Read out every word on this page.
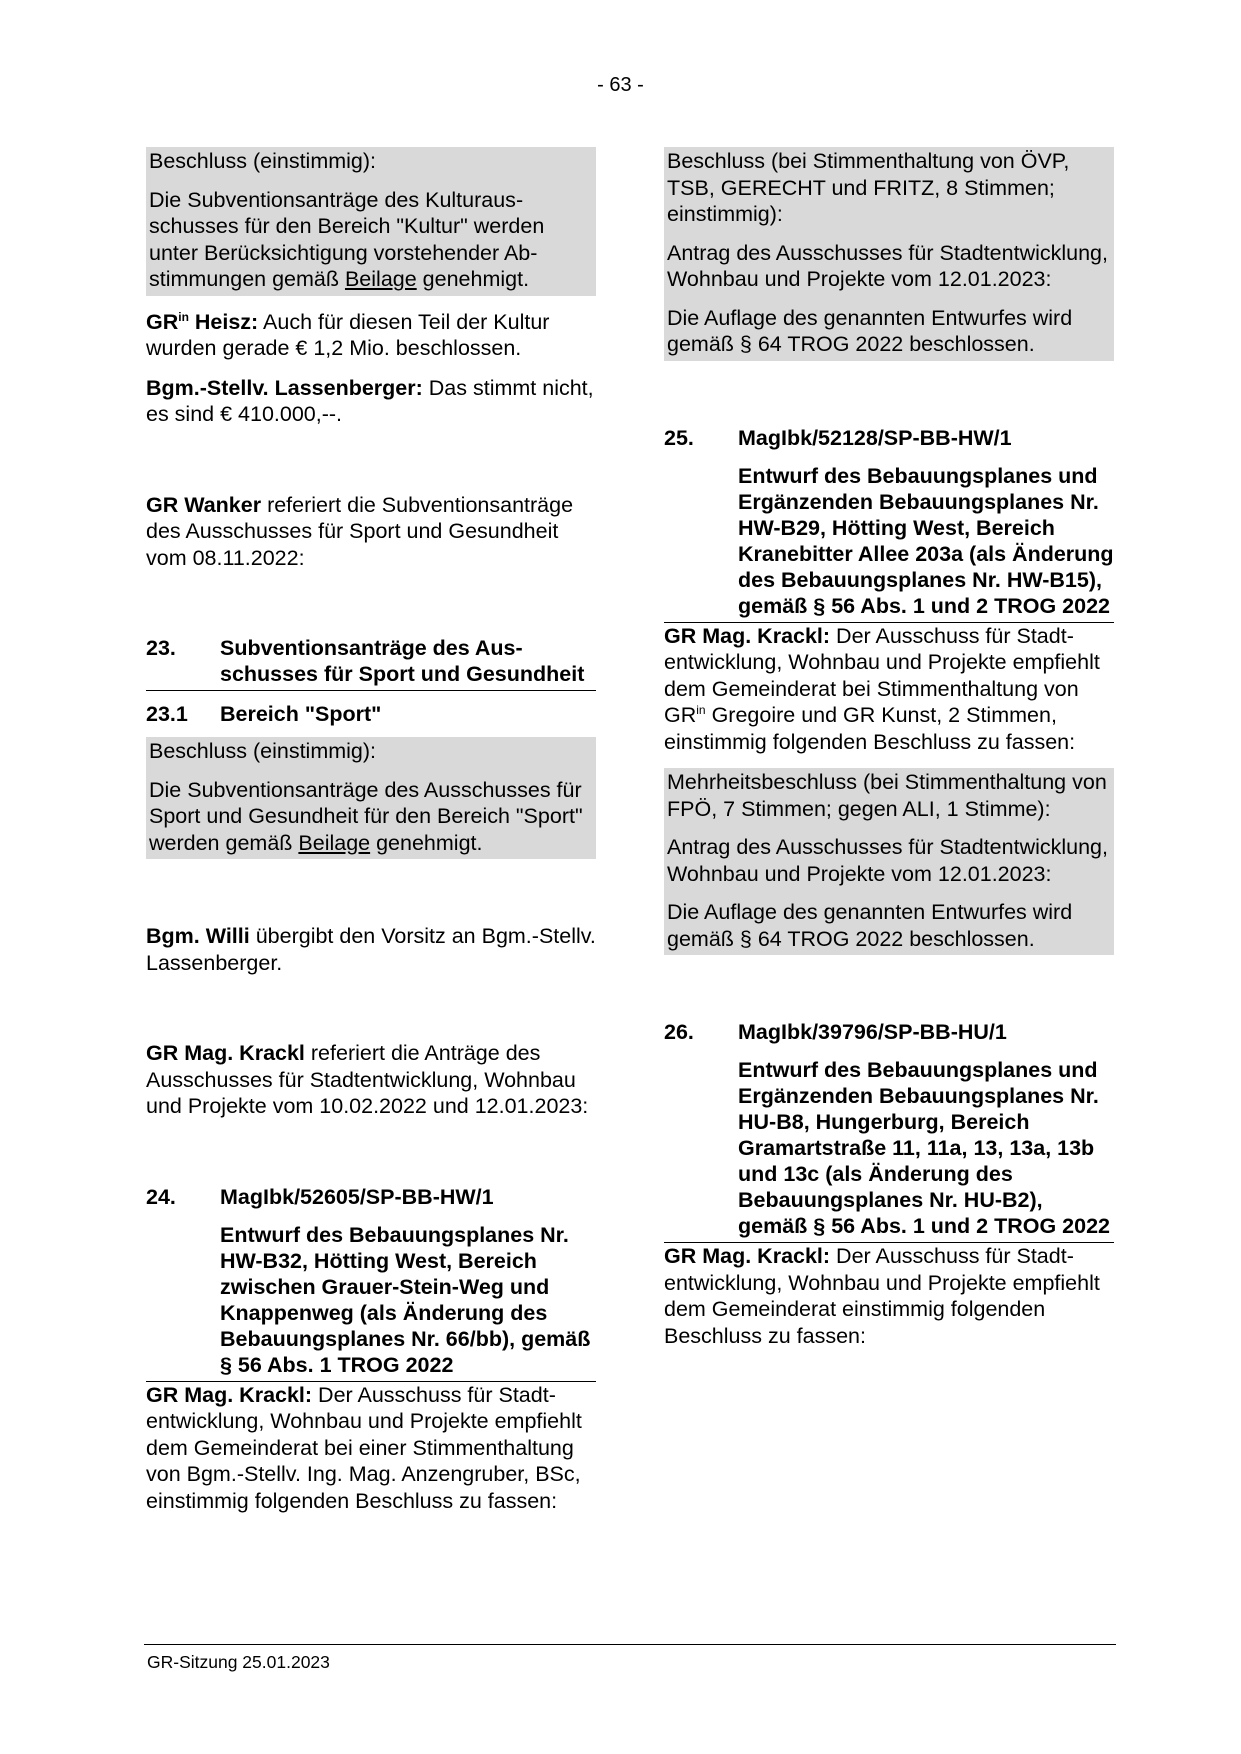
- 63 -

Beschluss (einstimmig):

Die Subventionsanträge des Kulturausschusses für den Bereich "Kultur" werden unter Berücksichtigung vorstehender Abstimmungen gemäß Beilage genehmigt.

$GR^{in}$ Heisz: Auch für diesen Teil der Kultur wurden gerade € 1,2 Mio. beschlossen.

Bgm.-Stellv. Lassenberger: Das stimmt nicht, es sind € 410.000,--.

GR Wanker referiert die Subventionsanträge des Ausschusses für Sport und Gesundheit vom 08.11.2022:

23.	Subventionsanträge des Ausschusses für Sport und Gesundheit
23.1	Bereich "Sport"

Beschluss (einstimmig):

Die Subventionsanträge des Ausschusses für Sport und Gesundheit für den Bereich "Sport" werden gemäß Beilage genehmigt.

Bgm. Willi übergibt den Vorsitz an Bgm.-Stellv. Lassenberger.

GR Mag. Krackl referiert die Anträge des Ausschusses für Stadtentwicklung, Wohnbau und Projekte vom 10.02.2022 und 12.01.2023:

24.	MagIbk/52605/SP-BB-HW/1
Entwurf des Bebauungsplanes Nr. HW-B32, Hötting West, Bereich zwischen Grauer-Stein-Weg und Knappenweg (als Änderung des Bebauungsplanes Nr. 66/bb), gemäß § 56 Abs. 1 TROG 2022

GR Mag. Krackl: Der Ausschuss für Stadtentwicklung, Wohnbau und Projekte empfiehlt dem Gemeinderat bei einer Stimmenthaltung von Bgm.-Stellv. Ing. Mag. Anzengruber, BSc, einstimmig folgenden Beschluss zu fassen:

Beschluss (bei Stimmenthaltung von ÖVP, TSB, GERECHT und FRITZ, 8 Stimmen; einstimmig):

Antrag des Ausschusses für Stadtentwicklung, Wohnbau und Projekte vom 12.01.2023:

Die Auflage des genannten Entwurfes wird gemäß § 64 TROG 2022 beschlossen.

25.	MagIbk/52128/SP-BB-HW/1
Entwurf des Bebauungsplanes und Ergänzenden Bebauungsplanes Nr. HW-B29, Hötting West, Bereich Kranebitter Allee 203a (als Änderung des Bebauungsplanes Nr. HW-B15), gemäß § 56 Abs. 1 und 2 TROG 2022

GR Mag. Krackl: Der Ausschuss für Stadtentwicklung, Wohnbau und Projekte empfiehlt dem Gemeinderat bei Stimmenthaltung von $GR^{in}$ Gregoire und GR Kunst, 2 Stimmen, einstimmig folgenden Beschluss zu fassen:

Mehrheitsbeschluss (bei Stimmenthaltung von FPÖ, 7 Stimmen; gegen ALI, 1 Stimme):

Antrag des Ausschusses für Stadtentwicklung, Wohnbau und Projekte vom 12.01.2023:

Die Auflage des genannten Entwurfes wird gemäß § 64 TROG 2022 beschlossen.

26.	MagIbk/39796/SP-BB-HU/1
Entwurf des Bebauungsplanes und Ergänzenden Bebauungsplanes Nr. HU-B8, Hungerburg, Bereich Gramartstraße 11, 11a, 13, 13a, 13b und 13c (als Änderung des Bebauungsplanes Nr. HU-B2), gemäß § 56 Abs. 1 und 2 TROG 2022

GR Mag. Krackl: Der Ausschuss für Stadtentwicklung, Wohnbau und Projekte empfiehlt dem Gemeinderat einstimmig folgenden Beschluss zu fassen:

GR-Sitzung 25.01.2023
